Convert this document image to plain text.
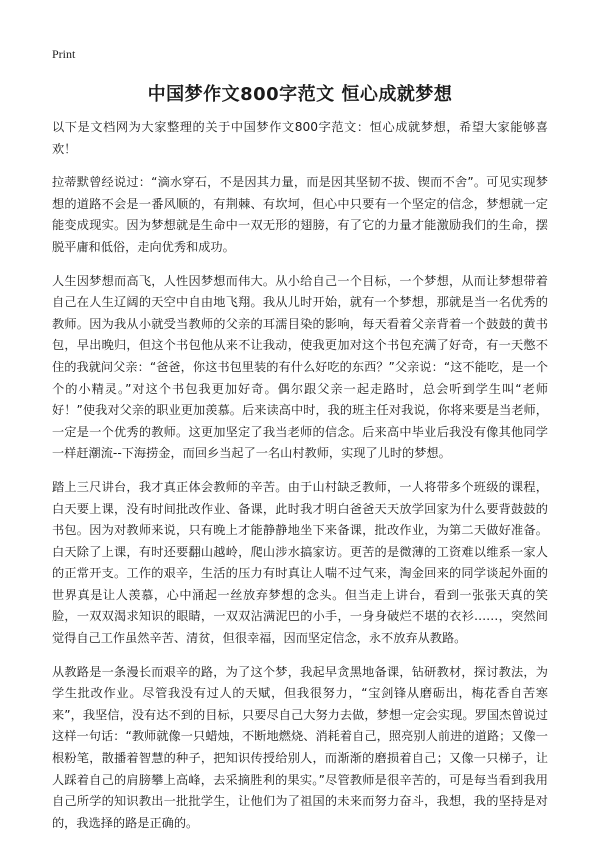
Print
中国梦作文800字范文 恒心成就梦想

以下是文档网为大家整理的关于中国梦作文800字范文：恒心成就梦想，希望大家能够喜欢！

拉蒂默曾经说过：“滴水穿石，不是因其力量，而是因其坚韧不拔、锲而不舍”。可见实现梦想的道路不会是一番风顺的，有荆棘、有坎坷，但心中只要有一个坚定的信念，梦想就一定能变成现实。因为梦想就是生命中一双无形的翅膀，有了它的力量才能激励我们的生命，摆脱平庸和低俗，走向优秀和成功。

人生因梦想而高飞，人性因梦想而伟大。从小给自己一个目标，一个梦想，从而让梦想带着自己在人生辽阔的天空中自由地飞翔。我从儿时开始，就有一个梦想，那就是当一名优秀的教师。因为我从小就受当教师的父亲的耳濡目染的影响，每天看着父亲背着一个鼓鼓的黄书包，早出晚归，但这个书包他从来不让我动，使我更加对这个书包充满了好奇，有一天憋不住的我就问父亲：“爸爸，你这书包里装的有什么好吃的东西？”父亲说：“这不能吃，是一个个的小精灵。”对这个书包我更加好奇。偶尔跟父亲一起走路时，总会听到学生叫“老师好！”使我对父亲的职业更加羡慕。后来读高中时，我的班主任对我说，你将来要是当老师，一定是一个优秀的教师。这更加坚定了我当老师的信念。后来高中毕业后我没有像其他同学一样赶潮流--下海捞金，而回乡当起了一名山村教师，实现了儿时的梦想。

踏上三尺讲台，我才真正体会教师的辛苦。由于山村缺乏教师，一人将带多个班级的课程，白天要上课，没有时间批改作业、备课，此时我才明白爸爸天天放学回家为什么要背鼓鼓的书包。因为对教师来说，只有晚上才能静静地坐下来备课，批改作业，为第二天做好准备。白天除了上课，有时还要翻山越岭，爬山涉水搞家访。更苦的是微薄的工资难以维系一家人的正常开支。工作的艰辛，生活的压力有时真让人喘不过气来，淘金回来的同学谈起外面的世界真是让人羡慕，心中涌起一丝放弃梦想的念头。但当走上讲台，看到一张张天真的笑脸，一双双渴求知识的眼睛，一双双沾满泥巴的小手，一身身破烂不堪的衣衫……，突然间觉得自己工作虽然辛苦、清贫，但很幸福，因而坚定信念，永不放弃从教路。

从教路是一条漫长而艰辛的路，为了这个梦，我起早贪黑地备课，钻研教材，探讨教法，为学生批改作业。尽管我没有过人的天赋，但我很努力，“宝剑锋从磨砺出，梅花香自苦寒来”，我坚信，没有达不到的目标，只要尽自己大努力去做，梦想一定会实现。罗国杰曾说过这样一句话：“教师就像一只蜡烛，不断地燃烧、消耗着自己，照亮别人前进的道路；又像一根粉笔，散播着智慧的种子，把知识传授给别人，而渐渐的磨损着自己；又像一只梯子，让人踩着自己的肩膀攀上高峰，去采摘胜利的果实。”尽管教师是很辛苦的，可是每当看到我用自己所学的知识教出一批批学生，让他们为了祖国的未来而努力奋斗，我想，我的坚持是对的，我选择的路是正确的。
